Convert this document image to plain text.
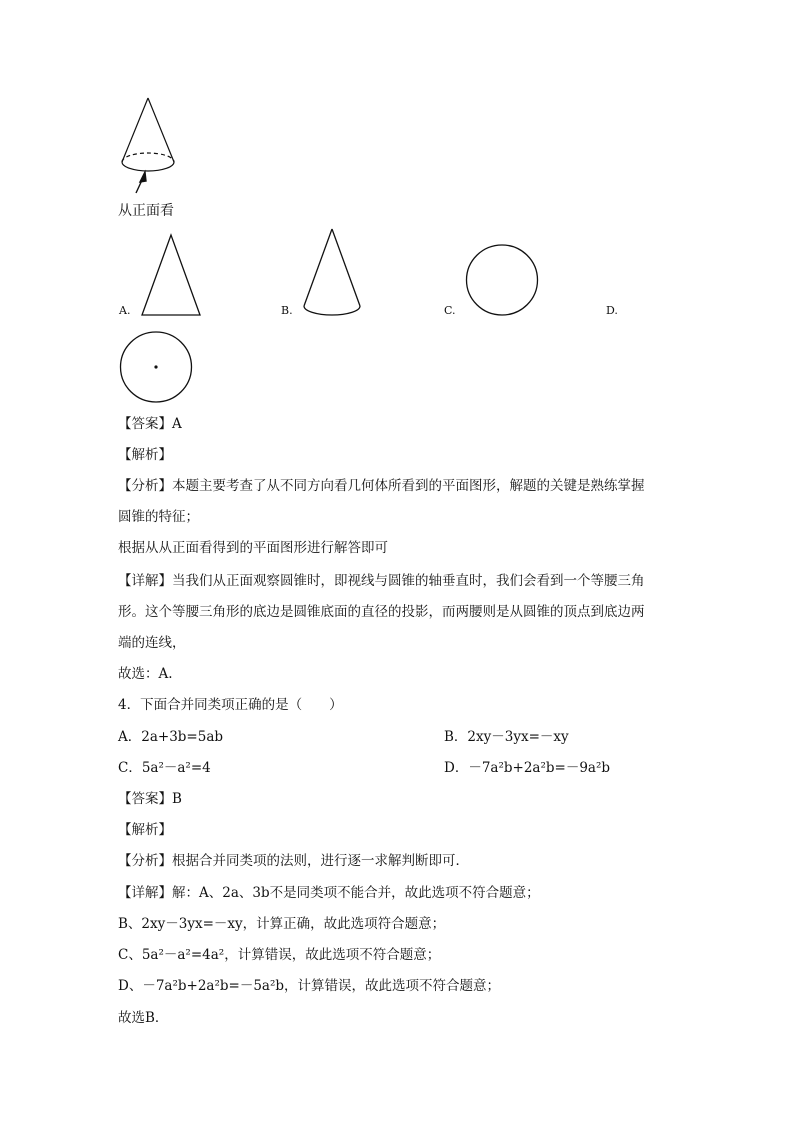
从正面看
A.	B.	C.	D.
【答案】A
【解析】
【分析】本题主要考查了从不同方向看几何体所看到的平面图形，解题的关键是熟练掌握
圆锥的特征；
根据从从正面看得到的平面图形进行解答即可
【详解】当我们从正面观察圆锥时，即视线与圆锥的轴垂直时，我们会看到一个等腰三角
形。这个等腰三角形的底边是圆锥底面的直径的投影，而两腰则是从圆锥的顶点到底边两
端的连线，
故选：A.
4．下面合并同类项正确的是（　　）
A．2a+3b=5ab	B．2xy－3yx=－xy
C．5a²－a²=4	D．－7a²b+2a²b=－9a²b
【答案】B
【解析】
【分析】根据合并同类项的法则，进行逐一求解判断即可．
【详解】解：A、2a、3b不是同类项不能合并，故此选项不符合题意；
B、2xy－3yx=－xy，计算正确，故此选项符合题意；
C、5a²－a²=4a²，计算错误，故此选项不符合题意；
D、－7a²b+2a²b=－5a²b，计算错误，故此选项不符合题意；
故选B．
